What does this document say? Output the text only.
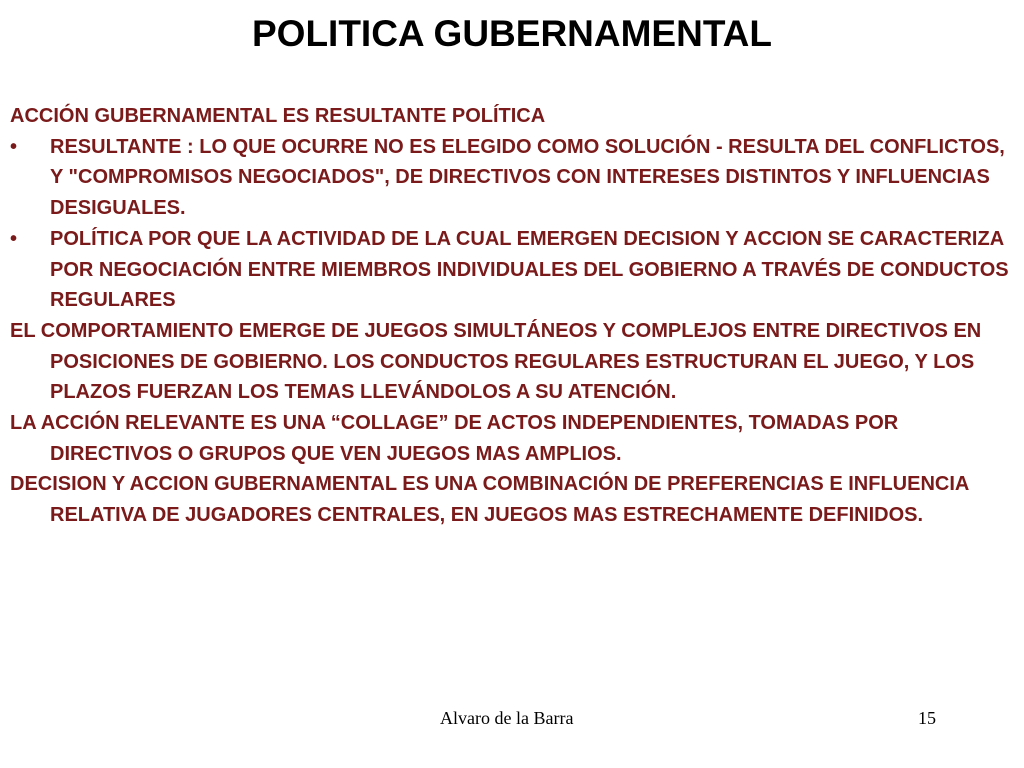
POLITICA GUBERNAMENTAL

ACCIÓN GUBERNAMENTAL ES RESULTANTE POLÍTICA

•	RESULTANTE : LO QUE OCURRE NO ES ELEGIDO COMO SOLUCIÓN - RESULTA DEL CONFLICTOS, Y "COMPROMISOS NEGOCIADOS", DE DIRECTIVOS CON INTERESES DISTINTOS Y INFLUENCIAS DESIGUALES.
•	POLÍTICA POR QUE LA ACTIVIDAD DE LA CUAL EMERGEN DECISION Y ACCION SE CARACTERIZA POR NEGOCIACIÓN ENTRE MIEMBROS INDIVIDUALES DEL GOBIERNO A TRAVÉS DE CONDUCTOS REGULARES

EL COMPORTAMIENTO EMERGE DE JUEGOS SIMULTÁNEOS Y COMPLEJOS ENTRE DIRECTIVOS EN POSICIONES DE GOBIERNO. LOS CONDUCTOS REGULARES ESTRUCTURAN EL JUEGO, Y LOS PLAZOS FUERZAN LOS TEMAS LLEVÁNDOLOS A SU ATENCIÓN.

LA ACCIÓN RELEVANTE ES UNA “COLLAGE” DE ACTOS INDEPENDIENTES, TOMADAS POR DIRECTIVOS O GRUPOS QUE VEN JUEGOS MAS AMPLIOS.

DECISION Y ACCION GUBERNAMENTAL ES UNA COMBINACIÓN DE PREFERENCIAS E INFLUENCIA RELATIVA DE JUGADORES CENTRALES, EN JUEGOS MAS ESTRECHAMENTE DEFINIDOS.

Alvaro de la Barra	15
